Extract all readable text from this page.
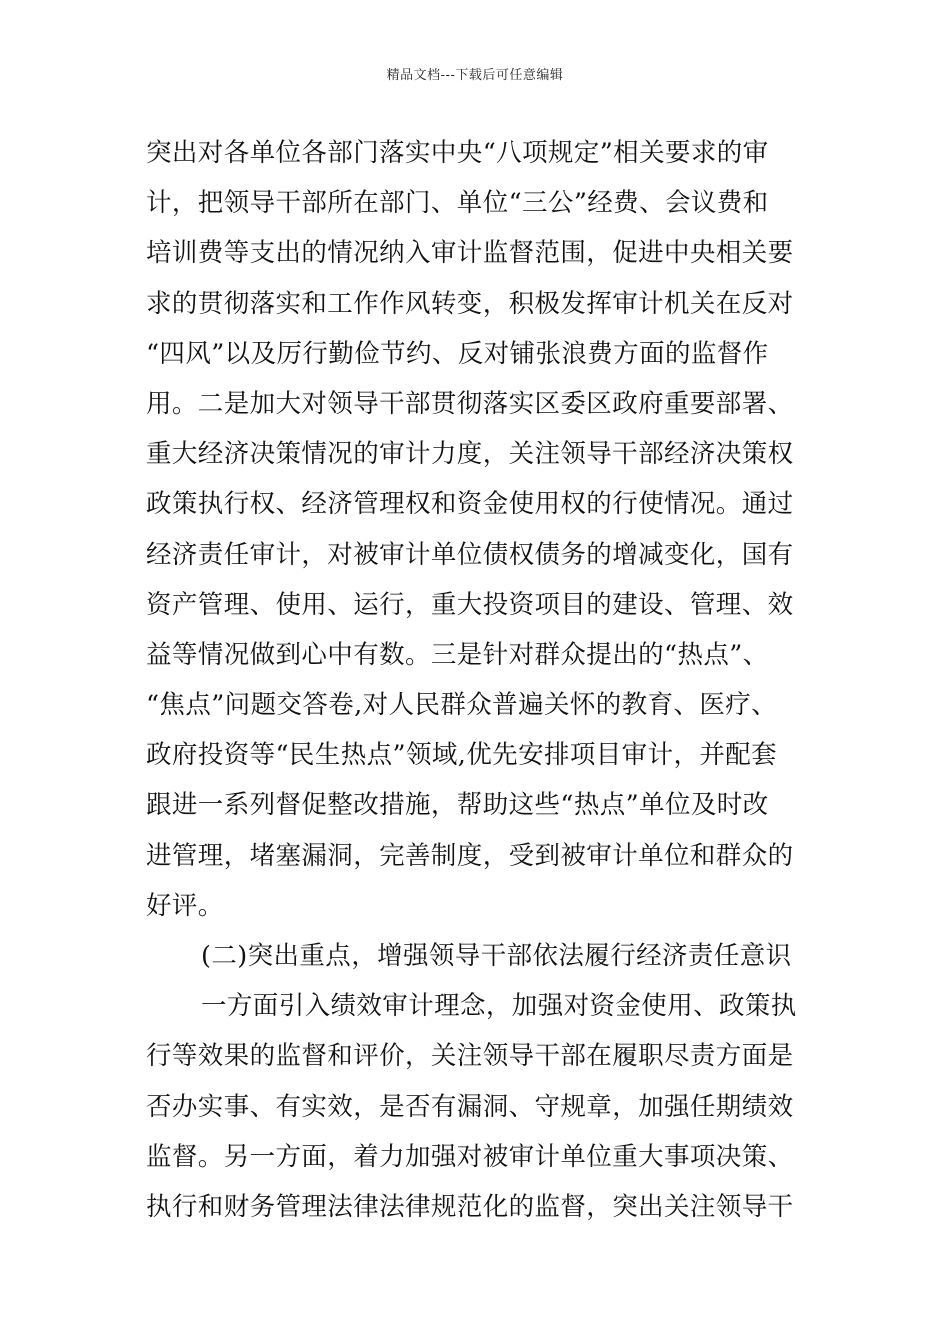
精品文档---下载后可任意编辑
突出对各单位各部门落实中央“八项规定”相关要求的审
计，把领导干部所在部门、单位“三公”经费、会议费和
培训费等支出的情况纳入审计监督范围，促进中央相关要
求的贯彻落实和工作作风转变，积极发挥审计机关在反对
“四风”以及厉行勤俭节约、反对铺张浪费方面的监督作
用。二是加大对领导干部贯彻落实区委区政府重要部署、
重大经济决策情况的审计力度，关注领导干部经济决策权
政策执行权、经济管理权和资金使用权的行使情况。通过
经济责任审计，对被审计单位债权债务的增减变化，国有
资产管理、使用、运行，重大投资项目的建设、管理、效
益等情况做到心中有数。三是针对群众提出的“热点”、
“焦点”问题交答卷,对人民群众普遍关怀的教育、医疗、
政府投资等“民生热点”领域,优先安排项目审计，并配套
跟进一系列督促整改措施，帮助这些“热点”单位及时改
进管理，堵塞漏洞，完善制度，受到被审计单位和群众的
好评。
(二)突出重点，增强领导干部依法履行经济责任意识
一方面引入绩效审计理念，加强对资金使用、政策执
行等效果的监督和评价，关注领导干部在履职尽责方面是
否办实事、有实效，是否有漏洞、守规章，加强任期绩效
监督。另一方面，着力加强对被审计单位重大事项决策、
执行和财务管理法律法律规范化的监督，突出关注领导干
